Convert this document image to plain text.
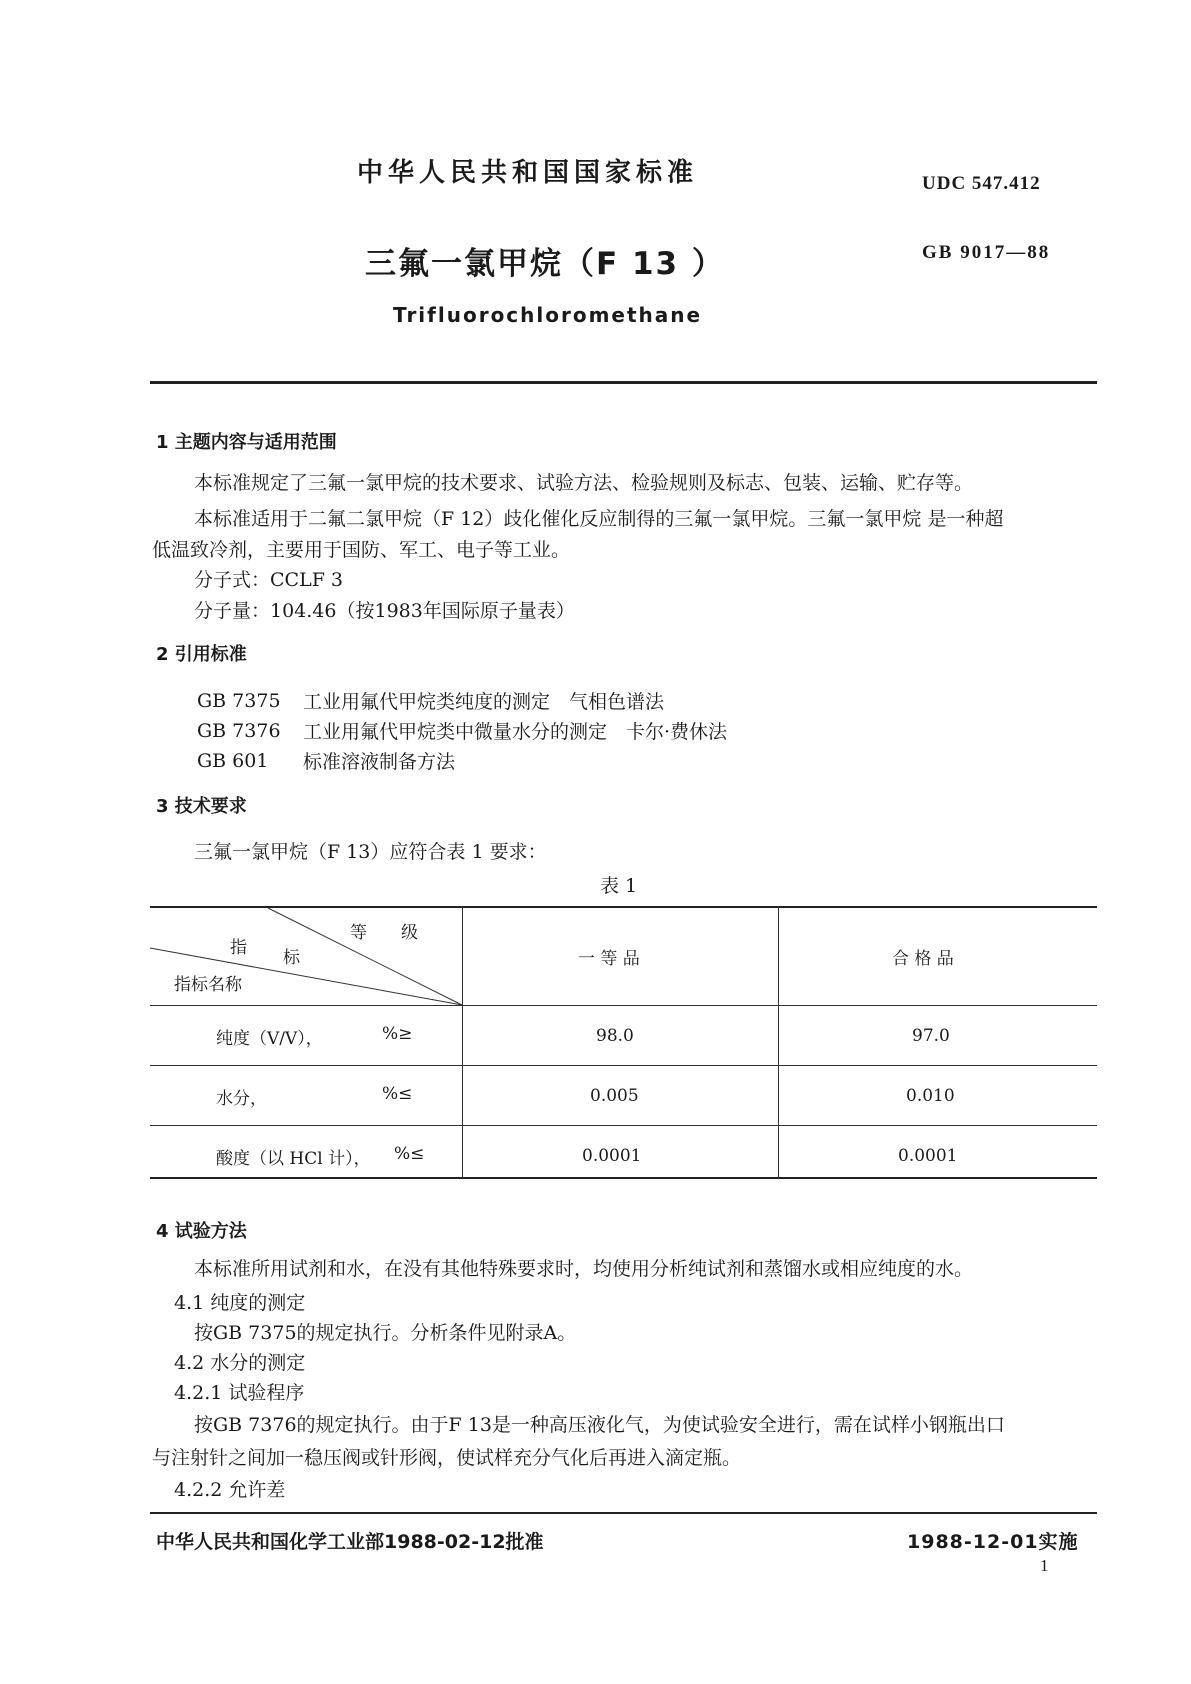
中华人民共和国国家标准	UDC 547.412
三氟一氯甲烷（F 13 ）	GB 9017—88
Trifluorochloromethane
1 主题内容与适用范围
本标准规定了三氟一氯甲烷的技术要求、试验方法、检验规则及标志、包装、运输、贮存等。
本标准适用于二氟二氯甲烷（F 12）歧化催化反应制得的三氟一氯甲烷。三氟一氯甲烷 是一种超
低温致冷剂，主要用于国防、军工、电子等工业。
分子式：CCLF 3
分子量：104.46（按1983年国际原子量表）
2 引用标准
GB 7375 工业用氟代甲烷类纯度的测定　气相色谱法
GB 7376 工业用氟代甲烷类中微量水分的测定　卡尔·费休法
GB 601 标准溶液制备方法
3 技术要求
三氟一氯甲烷（F 13）应符合表 1 要求：
表 1
等　　级
指 标
指标名称
一 等 品	合 格 品
纯度（V/V），	%≥	98.0	97.0
水分，	%≤	0.005	0.010
酸度（以 HCl 计）， %≤	0.0001	0.0001
4 试验方法
本标准所用试剂和水，在没有其他特殊要求时，均使用分析纯试剂和蒸馏水或相应纯度的水。
4.1 纯度的测定
按GB 7375的规定执行。分析条件见附录A。
4.2 水分的测定
4.2.1 试验程序
按GB 7376的规定执行。由于F 13是一种高压液化气，为使试验安全进行，需在试样小钢瓶出口
与注射针之间加一稳压阀或针形阀，使试样充分气化后再进入滴定瓶。
4.2.2 允许差
中华人民共和国化学工业部1988-02-12批准	1988-12-01实施
1
